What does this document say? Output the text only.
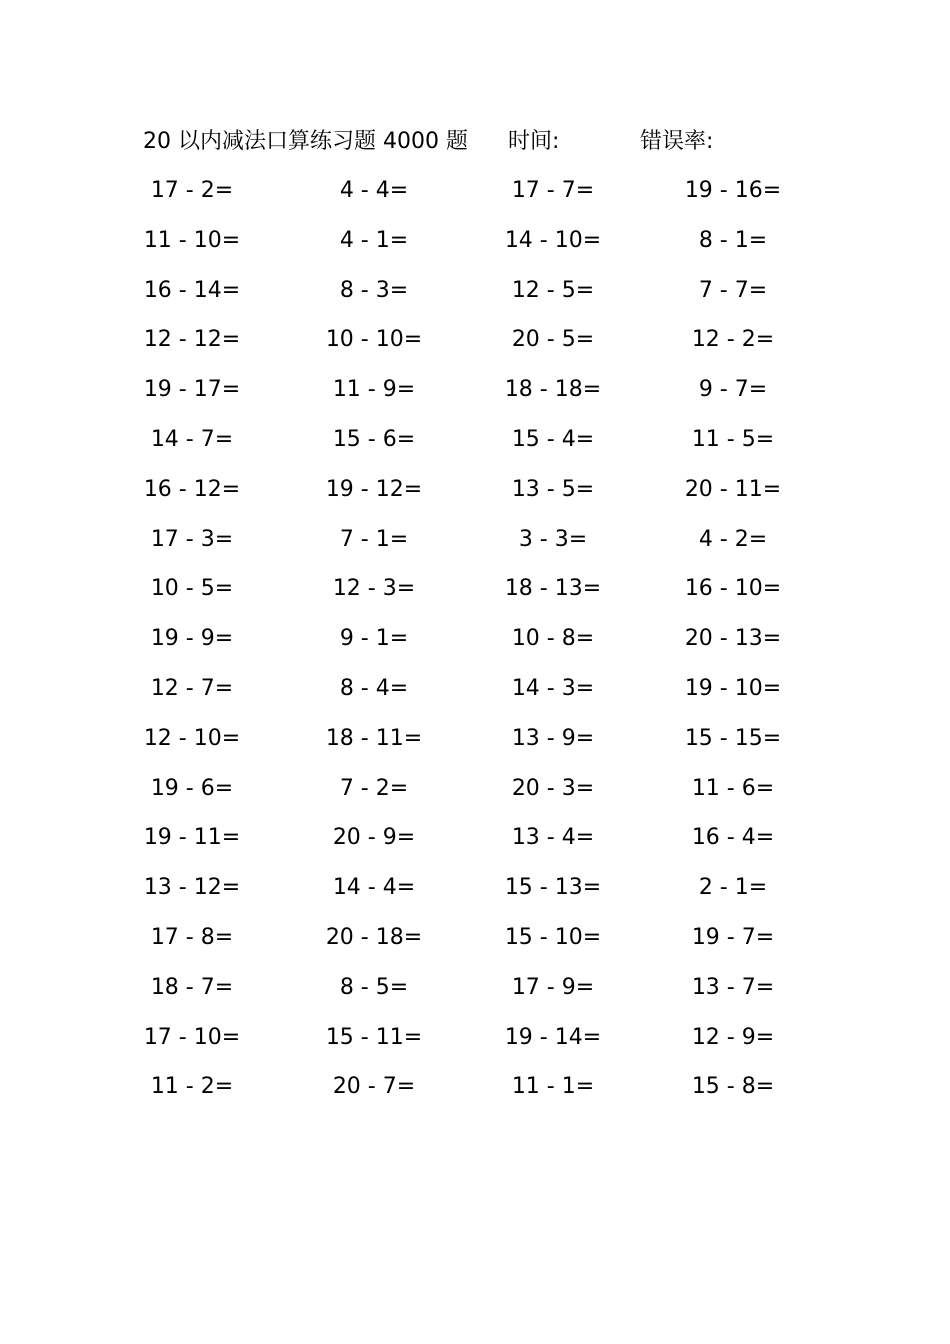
20 以内减法口算练习题 4000 题 时间:	错误率:
17 - 2=	4 - 4=	17 - 7=	19 - 16=
11 - 10=	4 - 1=	14 - 10=	8 - 1=
16 - 14=	8 - 3=	12 - 5=	7 - 7=
12 - 12=	10 - 10=	20 - 5=	12 - 2=
19 - 17=	11 - 9=	18 - 18=	9 - 7=
14 - 7=	15 - 6=	15 - 4=	11 - 5=
16 - 12=	19 - 12=	13 - 5=	20 - 11=
17 - 3=	7 - 1=	3 - 3=	4 - 2=
10 - 5=	12 - 3=	18 - 13=	16 - 10=
19 - 9=	9 - 1=	10 - 8=	20 - 13=
12 - 7=	8 - 4=	14 - 3=	19 - 10=
12 - 10=	18 - 11=	13 - 9=	15 - 15=
19 - 6=	7 - 2=	20 - 3=	11 - 6=
19 - 11=	20 - 9=	13 - 4=	16 - 4=
13 - 12=	14 - 4=	15 - 13=	2 - 1=
17 - 8=	20 - 18=	15 - 10=	19 - 7=
18 - 7=	8 - 5=	17 - 9=	13 - 7=
17 - 10=	15 - 11=	19 - 14=	12 - 9=
11 - 2=	20 - 7=	11 - 1=	15 - 8=
